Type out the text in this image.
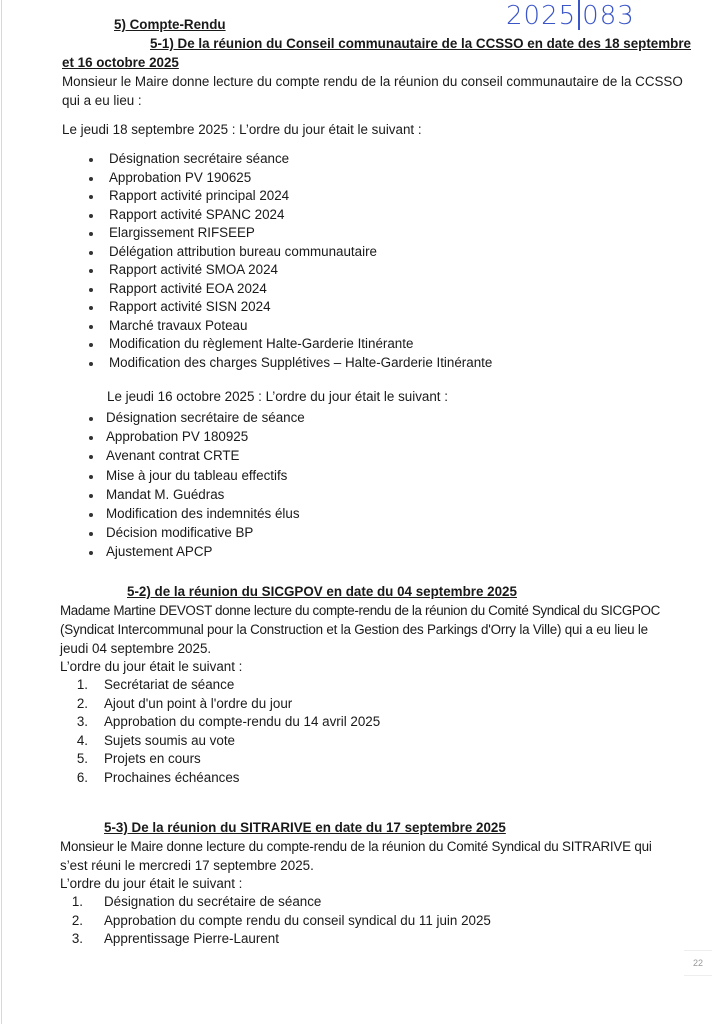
2025 083
5) Compte-Rendu
5-1) De la réunion du Conseil communautaire de la CCSSO en date des 18 septembre
et 16 octobre 2025
Monsieur le Maire donne lecture du compte rendu de la réunion du conseil communautaire de la CCSSO
qui a eu lieu :
Le jeudi 18 septembre 2025 : L’ordre du jour était le suivant :
Désignation secrétaire séance
Approbation PV 190625
Rapport activité principal 2024
Rapport activité SPANC 2024
Elargissement RIFSEEP
Délégation attribution bureau communautaire
Rapport activité SMOA 2024
Rapport activité EOA 2024
Rapport activité SISN 2024
Marché travaux Poteau
Modification du règlement Halte-Garderie Itinérante
Modification des charges Supplétives – Halte-Garderie Itinérante
Le jeudi 16 octobre 2025 : L’ordre du jour était le suivant :
Désignation secrétaire de séance
Approbation PV 180925
Avenant contrat CRTE
Mise à jour du tableau effectifs
Mandat M. Guédras
Modification des indemnités élus
Décision modificative BP
Ajustement APCP
5-2) de la réunion du SICGPOV en date du 04 septembre 2025
Madame Martine DEVOST donne lecture du compte-rendu de la réunion du Comité Syndical du SICGPOC
(Syndicat Intercommunal pour la Construction et la Gestion des Parkings d'Orry la Ville) qui a eu lieu le
jeudi 04 septembre 2025.
L’ordre du jour était le suivant :
1. Secrétariat de séance
2. Ajout d'un point à l'ordre du jour
3. Approbation du compte-rendu du 14 avril 2025
4. Sujets soumis au vote
5. Projets en cours
6. Prochaines échéances
5-3) De la réunion du SITRARIVE en date du 17 septembre 2025
Monsieur le Maire donne lecture du compte-rendu de la réunion du Comité Syndical du SITRARIVE qui
s’est réuni le mercredi 17 septembre 2025.
L’ordre du jour était le suivant :
1. Désignation du secrétaire de séance
2. Approbation du compte rendu du conseil syndical du 11 juin 2025
3. Apprentissage Pierre-Laurent
22
